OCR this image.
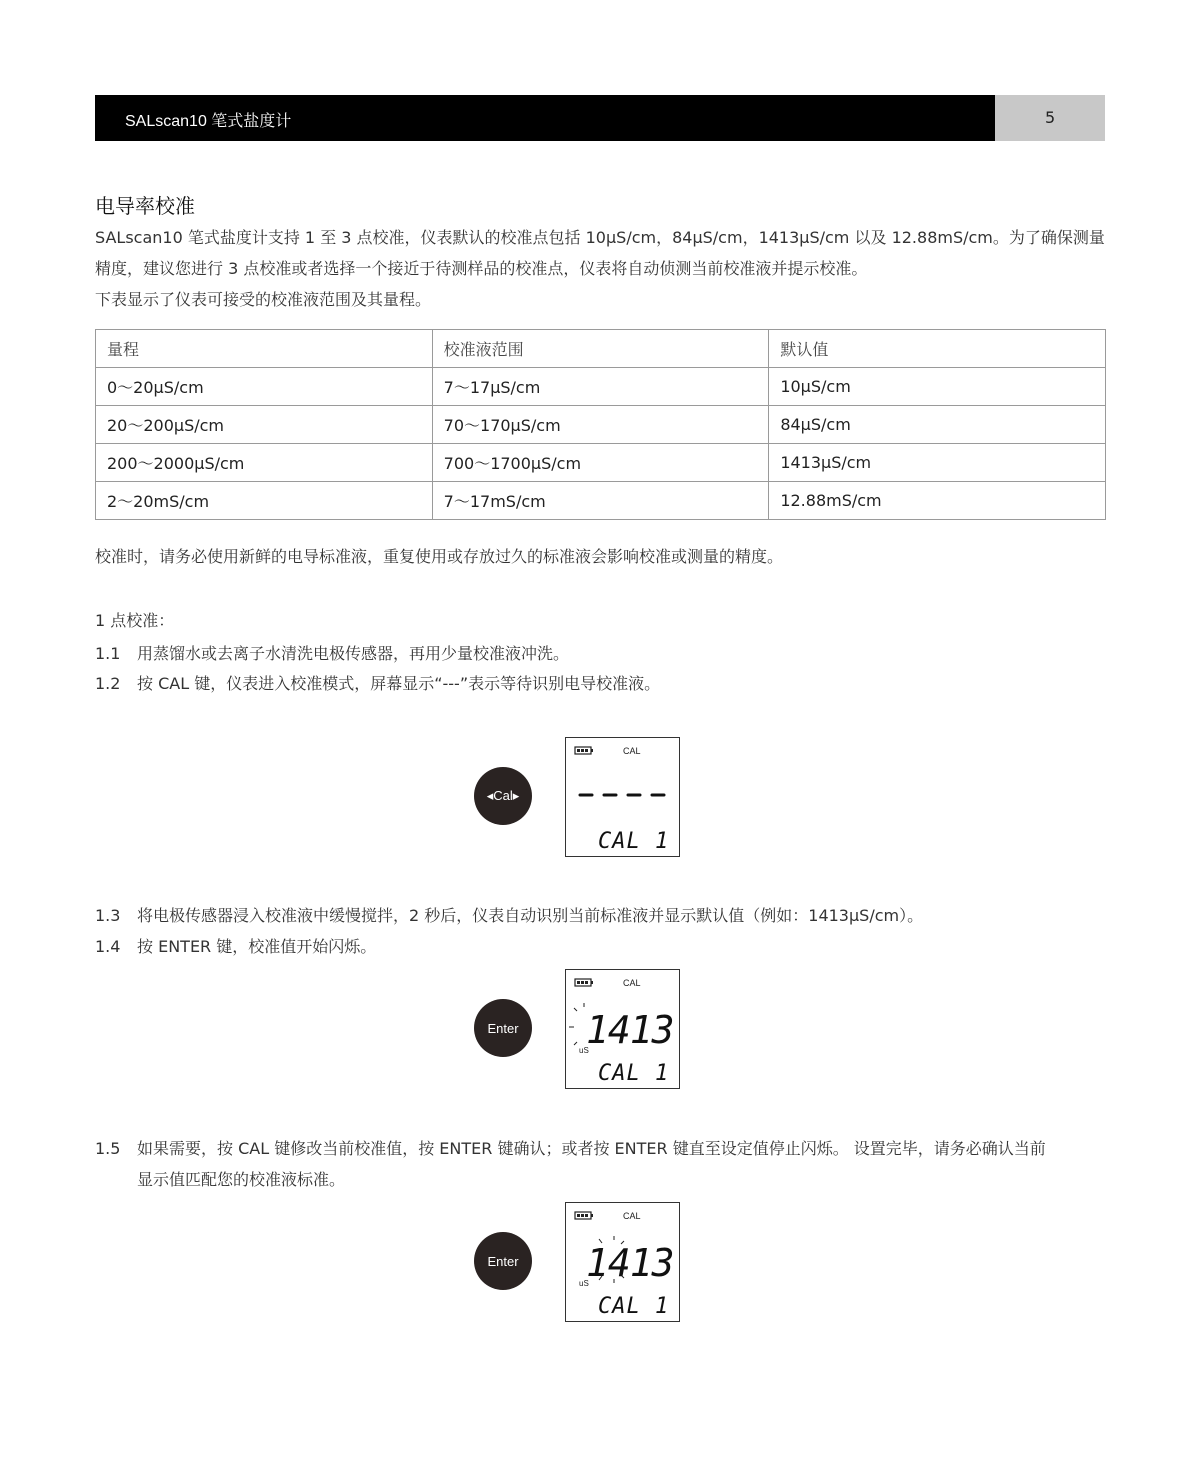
SALscan10 笔式盐度计	5
电导率校准
SALscan10 笔式盐度计支持 1 至 3 点校准，仪表默认的校准点包括 10μS/cm，84μS/cm，1413μS/cm 以及 12.88mS/cm。为了确保测量精度，建议您进行 3 点校准或者选择一个接近于待测样品的校准点，仪表将自动侦测当前校准液并提示校准。
下表显示了仪表可接受的校准液范围及其量程。
量程	校准液范围	默认值
0～20μS/cm	7～17μS/cm	10μS/cm
20～200μS/cm	70～170μS/cm	84μS/cm
200～2000μS/cm	700～1700μS/cm	1413μS/cm
2～20mS/cm	7～17mS/cm	12.88mS/cm
校准时，请务必使用新鲜的电导标准液，重复使用或存放过久的标准液会影响校准或测量的精度。
1 点校准：
1.1 用蒸馏水或去离子水清洗电极传感器，再用少量校准液冲洗。
1.2 按 CAL 键，仪表进入校准模式，屏幕显示“---”表示等待识别电导校准液。
◂Cal▸
CAL
CAL 1
1.3 将电极传感器浸入校准液中缓慢搅拌，2 秒后，仪表自动识别当前标准液并显示默认值（例如：1413μS/cm）。
1.4 按 ENTER 键，校准值开始闪烁。
Enter
CAL
1413
uS
CAL 1
1.5 如果需要，按 CAL 键修改当前校准值，按 ENTER 键确认；或者按 ENTER 键直至设定值停止闪烁。 设置完毕，请务必确认当前
显示值匹配您的校准液标准。
Enter
CAL
1413
uS
CAL 1
